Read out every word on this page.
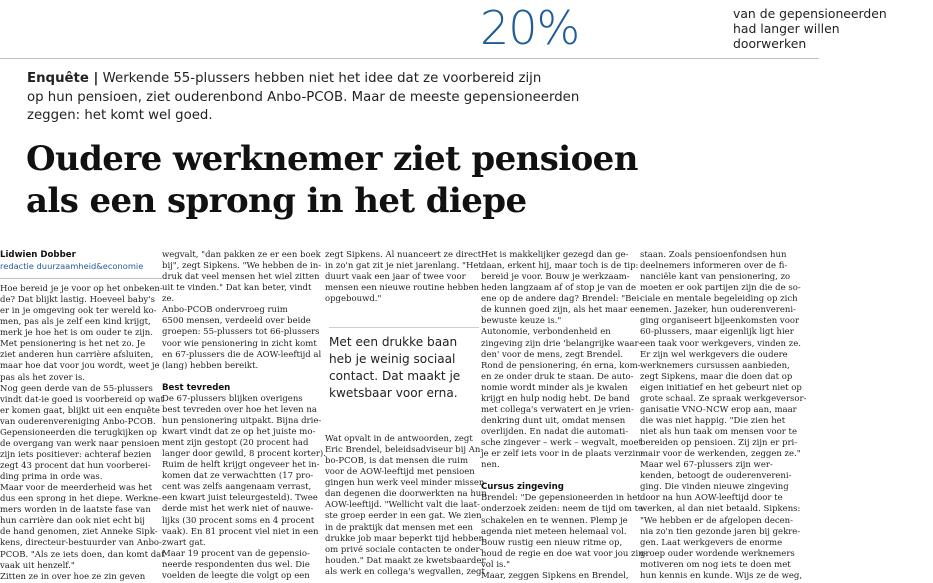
20%	van de gepensioneerden
had langer willen
doorwerken
Enquête | Werkende 55-plussers hebben niet het idee dat ze voorbereid zijn
op hun pensioen, ziet ouderenbond Anbo-PCOB. Maar de meeste gepensioneerden
zeggen: het komt wel goed.
Oudere werknemer ziet pensioen
als een sprong in het diepe
Lidwien Dobber
redactie duurzaamheid&economie
Hoe bereid je je voor op het onbeken-
de? Dat blijkt lastig. Hoeveel baby's
er in je omgeving ook ter wereld ko-
men, pas als je zelf een kind krijgt,
merk je hoe het is om ouder te zijn.
Met pensionering is het net zo. Je
ziet anderen hun carrière afsluiten,
maar hoe dat voor jou wordt, weet je
pas als het zover is.
Nog geen derde van de 55-plussers
vindt dat-ie goed is voorbereid op wat
er komen gaat, blijkt uit een enquête
van ouderenvereniging Anbo-PCOB.
Gepensioneerden die terugkijken op
de overgang van werk naar pensioen
zijn iets positiever: achteraf bezien
zegt 43 procent dat hun voorberei-
ding prima in orde was.
Maar voor de meerderheid was het
dus een sprong in het diepe. Werkne-
mers worden in de laatste fase van
hun carrière dan ook niet echt bij
de hand genomen, ziet Anneke Sipk-
kens, directeur-bestuurder van Anbo-
PCOB. "Als ze iets doen, dan komt dat
vaak uit henzelf."
Zitten ze in over hoe ze zin geven
wegvalt, "dan pakken ze er een boek
bij", zegt Sipkens. "We hebben de in-
druk dat veel mensen het wiel zitten
uit te vinden." Dat kan beter, vindt
ze.
Anbo-PCOB ondervroeg ruim
6500 mensen, verdeeld over beide
groepen: 55-plussers tot 66-plussers
voor wie pensionering in zicht komt
en 67-plussers die de AOW-leeftijd al
(lang) hebben bereikt.
Best tevreden
De 67-plussers blijken overigens
best tevreden over hoe het leven na
hun pensionering uitpakt. Bijna drie-
kwart vindt dat ze op het juiste mo-
ment zijn gestopt (20 procent had
langer door gewild, 8 procent korter).
Ruim de helft krijgt ongeveer het in-
komen dat ze verwachtten (17 pro-
cent was zelfs aangenaam verrast,
een kwart juist teleurgesteld). Twee
derde mist het werk niet of nauwe-
lijks (30 procent soms en 4 procent
vaak). En 81 procent viel niet in een
zwart gat.
Maar 19 procent van de gepensio-
neerde respondenten dus wel. Die
voelden de leegte die volgt op een
zegt Sipkens. Al nuanceert ze direct:
in zo'n gat zit je niet jarenlang. "Het
duurt vaak een jaar of twee voor
mensen een nieuwe routine hebben
opgebouwd."
Met een drukke baan
heb je weinig sociaal
contact. Dat maakt je
kwetsbaar voor erna.
Wat opvalt in de antwoorden, zegt
Eric Brendel, beleidsadviseur bij An-
bo-PCOB, is dat mensen die ruim
voor de AOW-leeftijd met pensioen
gingen hun werk veel minder missen
dan degenen die doorwerkten na hun
AOW-leeftijd. "Wellicht valt die laat-
ste groep eerder in een gat. We zien
in de praktijk dat mensen met een
drukke job maar beperkt tijd hebben
om privé sociale contacten te onder-
houden." Dat maakt ze kwetsbaarder
als werk en collega's wegvallen, zegt
Het is makkelijker gezegd dan ge-
daan, erkent hij, maar toch is de tip:
bereid je voor. Bouw je werkzaam-
heden langzaam af of stop je van de
ene op de andere dag? Brendel: "Bei-
de kunnen goed zijn, als het maar een
bewuste keuze is."
Autonomie, verbondenheid en
zingeving zijn drie 'belangrijke waar-
den' voor de mens, zegt Brendel.
Rond de pensionering, én erna, kom-
en ze onder druk te staan. De auto-
nomie wordt minder als je kwalen
krijgt en hulp nodig hebt. De band
met collega's verwatert en je vrien-
denkring dunt uit, omdat mensen
overlijden. En nadat die automati-
sche zingever – werk – wegvalt, moet
je er zelf iets voor in de plaats verzin-
nen.
Cursus zingeving
Brendel: "De gepensioneerden in het
onderzoek zeiden: neem de tijd om te
schakelen en te wennen. Plemp je
agenda niet meteen helemaal vol.
Bouw rustig een nieuw ritme op,
houd de regie en doe wat voor jou zin-
vol is."
Maar, zeggen Sipkens en Brendel,
staan. Zoals pensioenfondsen hun
deelnemers informeren over de fi-
nanciële kant van pensionering, zo
moeten er ook partijen zijn die de so-
ciale en mentale begeleiding op zich
nemen. Jazeker, hun ouderenvereni-
ging organiseert bijeenkomsten voor
60-plussers, maar eigenlijk ligt hier
een taak voor werkgevers, vinden ze.
Er zijn wel werkgevers die oudere
werknemers cursussen aanbieden,
zegt Sipkens, maar die doen dat op
eigen initiatief en het gebeurt niet op
grote schaal. Ze spraak werkgeversor-
ganisatie VNO-NCW erop aan, maar
die was niet happig. "Die zien het
niet als hun taak om mensen voor te
bereiden op pensioen. Zij zijn er pri-
mair voor de werkenden, zeggen ze."
Maar wel 67-plussers zijn wer-
kenden, betoogt de ouderenvereni-
ging. Die vinden nieuwe zingeving
door na hun AOW-leeftijd door te
werken, al dan niet betaald. Sipkens:
"We hebben er de afgelopen decen-
nia zo'n tien gezonde jaren bij gekre-
gen. Laat werkgevers de enorme
groep ouder wordende werknemers
motiveren om nog iets te doen met
hun kennis en kunde. Wijs ze de weg,
